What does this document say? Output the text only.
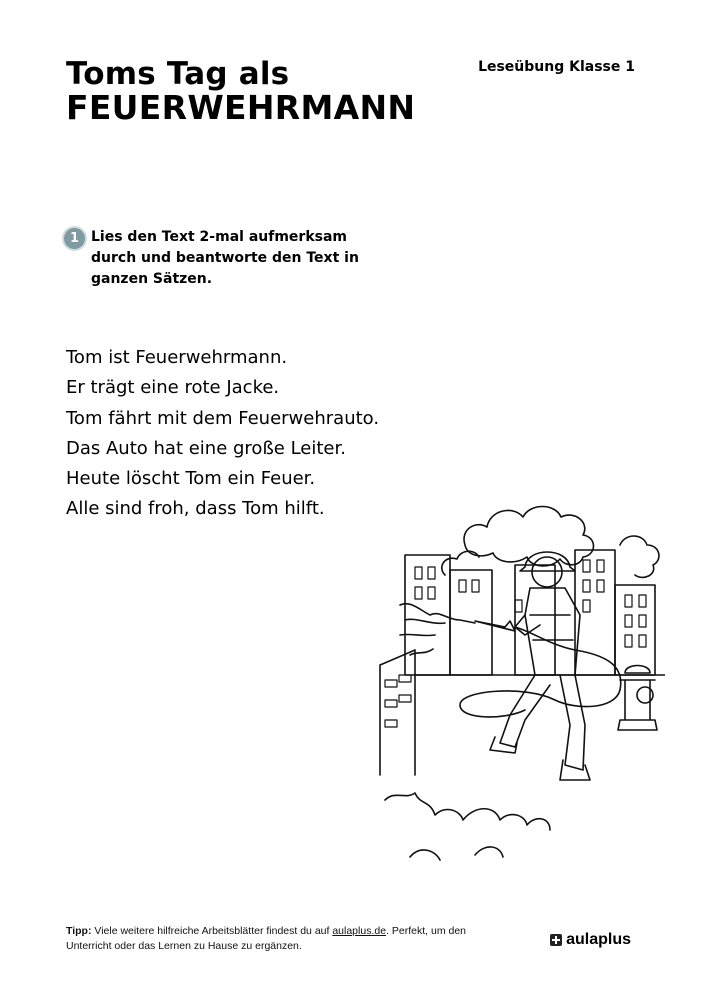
Toms Tag als
FEUERWEHRMANN
Leseübung Klasse 1
1 Lies den Text 2-mal aufmerksam
durch und beantworte den Text in
ganzen Sätzen.
Tom ist Feuerwehrmann.
Er trägt eine rote Jacke.
Tom fährt mit dem Feuerwehrauto.
Das Auto hat eine große Leiter.
Heute löscht Tom ein Feuer.
Alle sind froh, dass Tom hilft.
Tipp: Viele weitere hilfreiche Arbeitsblätter findest du auf aulaplus.de. Perfekt, um den Unterricht oder das Lernen zu Hause zu ergänzen.	aulaplus
